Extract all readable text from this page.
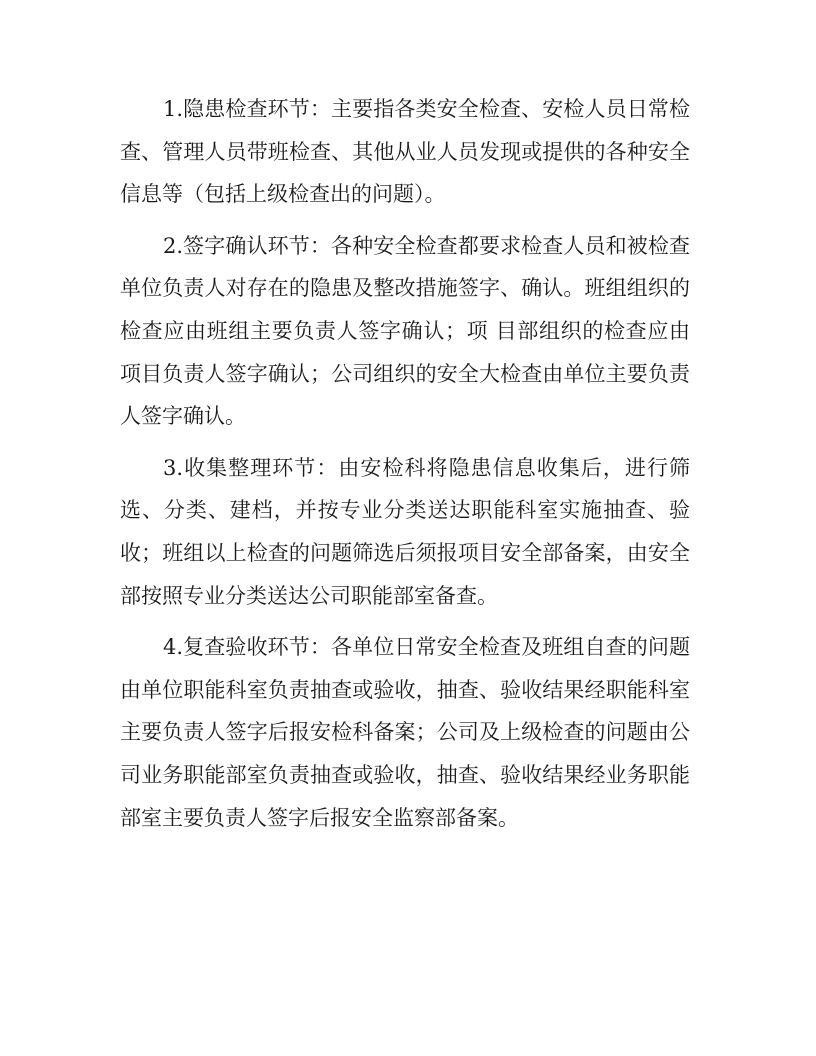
1.隐患检查环节：主要指各类安全检查、安检人员日常检
查、管理人员带班检查、其他从业人员发现或提供的各种安全
信息等（包括上级检查出的问题）。
2.签字确认环节：各种安全检查都要求检查人员和被检查
单位负责人对存在的隐患及整改措施签字、确认。班组组织的
检查应由班组主要负责人签字确认；项 目部组织的检查应由
项目负责人签字确认；公司组织的安全大检查由单位主要负责
人签字确认。
3.收集整理环节：由安检科将隐患信息收集后，进行筛
选、分类、建档，并按专业分类送达职能科室实施抽查、验
收；班组以上检查的问题筛选后须报项目安全部备案，由安全
部按照专业分类送达公司职能部室备查。
4.复查验收环节：各单位日常安全检查及班组自查的问题
由单位职能科室负责抽查或验收，抽查、验收结果经职能科室
主要负责人签字后报安检科备案；公司及上级检查的问题由公
司业务职能部室负责抽查或验收，抽查、验收结果经业务职能
部室主要负责人签字后报安全监察部备案。
